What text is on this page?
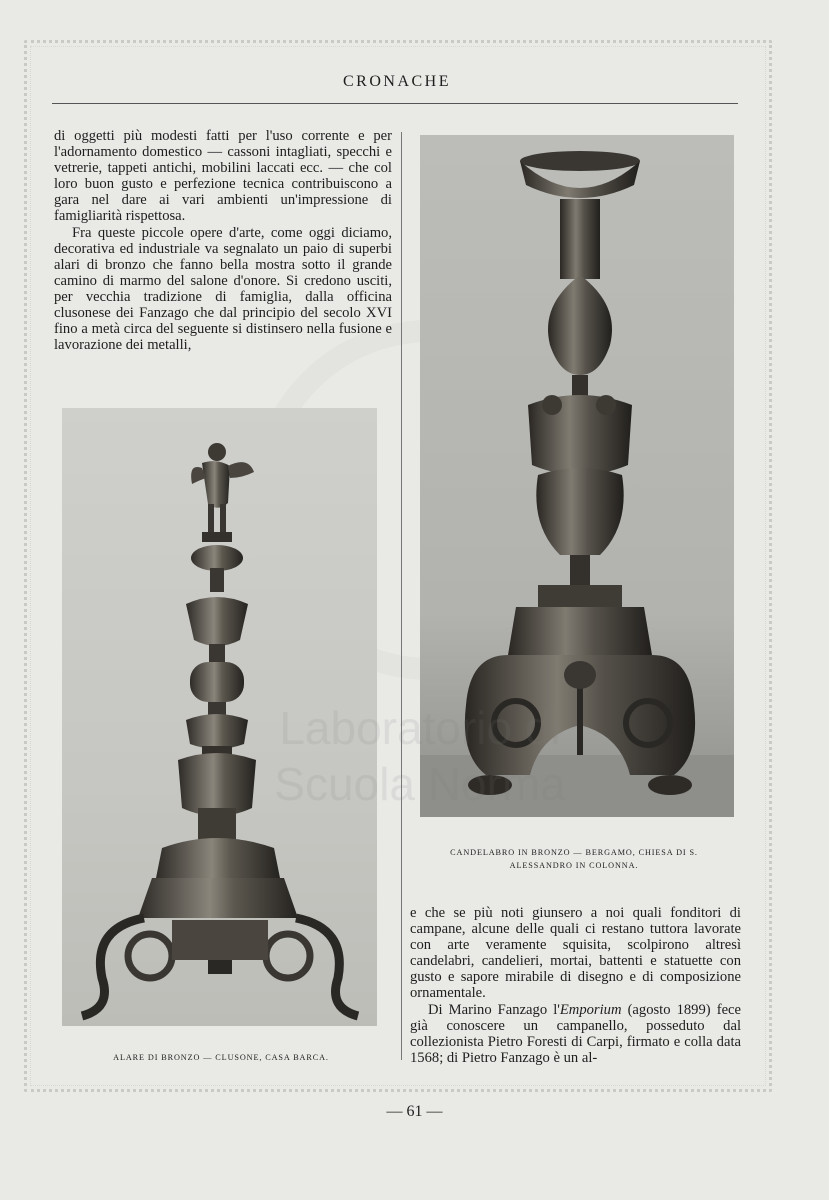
CRONACHE

di oggetti più modesti fatti per l'uso corrente e per l'adornamento domestico — cassoni intagliati, specchi e vetrerie, tappeti antichi, mobilini laccati ecc. — che col loro buon gusto e perfezione tecnica contribuiscono a gara nel dare ai vari ambienti un'impressione di famigliarità rispettosa.

Fra queste piccole opere d'arte, come oggi diciamo, decorativa ed industriale va segnalato un paio di superbi alari di bronzo che fanno bella mostra sotto il grande camino di marmo del salone d'onore. Si credono usciti, per vecchia tradizione di famiglia, dalla officina clusonese dei Fanzago che dal principio del secolo XVI fino a metà circa del seguente si distinsero nella fusione e lavorazione dei metalli,

CANDELABRO IN BRONZO — BERGAMO, CHIESA DI S. ALESSANDRO IN COLONNA.
ALARE DI BRONZO — CLUSONE, CASA BARCA.

e che se più noti giunsero a noi quali fonditori di campane, alcune delle quali ci restano tuttora lavorate con arte veramente squisita, scolpirono altresì candelabri, candelieri, mortai, battenti e statuette con gusto e sapore mirabile di disegno e di composizione ornamentale.

Di Marino Fanzago l'Emporium (agosto 1899) fece già conoscere un campanello, posseduto dal collezionista Pietro Foresti di Carpi, firmato e colla data 1568; di Pietro Fanzago è un al-

Laboratorio
— 61 —
